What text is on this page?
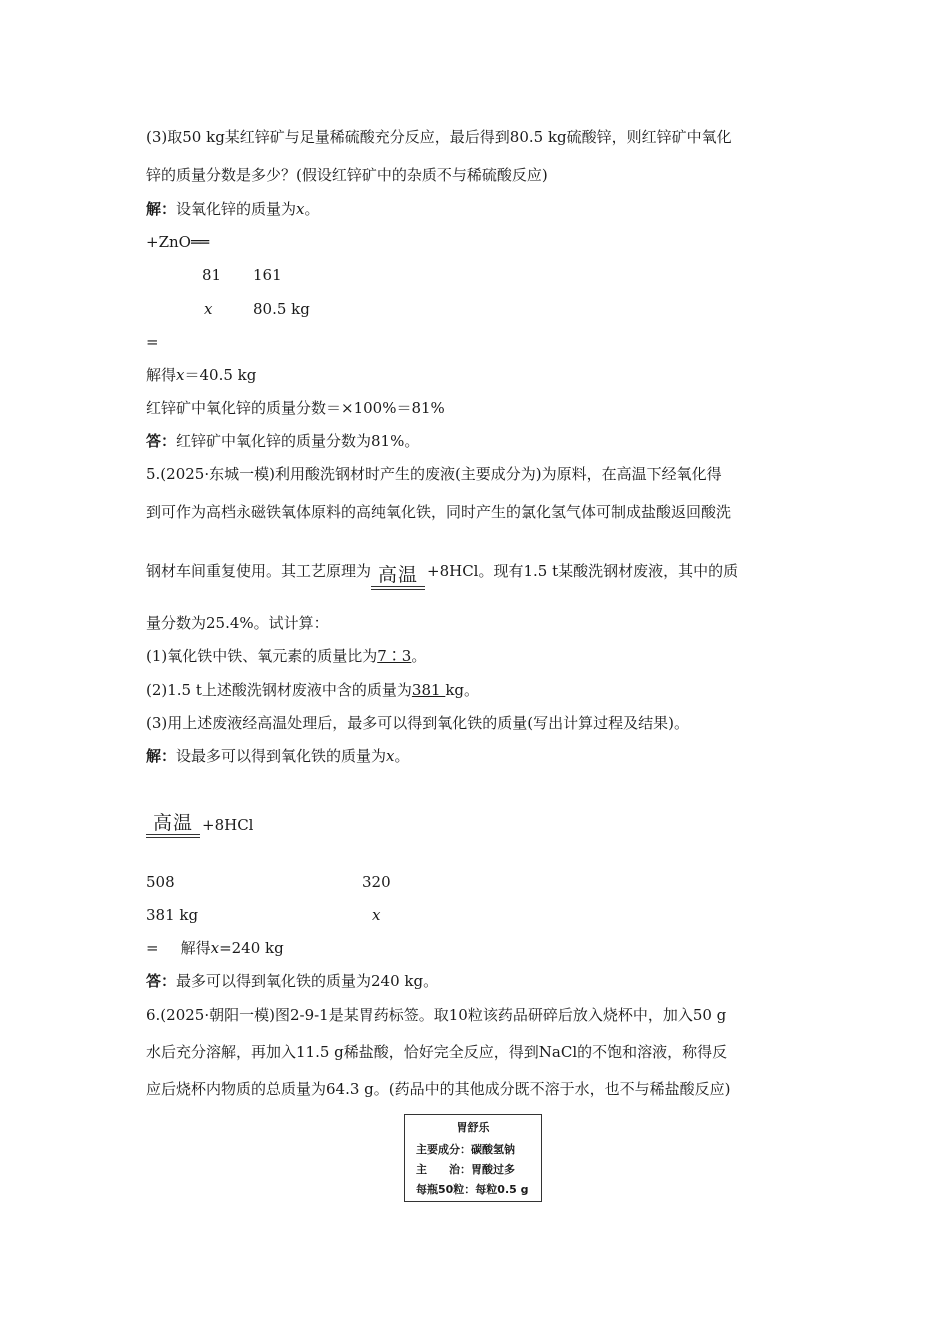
(3)取50 kg某红锌矿与足量稀硫酸充分反应，最后得到80.5 kg硫酸锌，则红锌矿中氧化
锌的质量分数是多少？(假设红锌矿中的杂质不与稀硫酸反应)
解：设氧化锌的质量为x。
+ZnO══
81 161
x	80.5 kg
=
解得x＝40.5 kg
红锌矿中氧化锌的质量分数＝×100%＝81%
答：红锌矿中氧化锌的质量分数为81%。
5.(2025·东城一模)利用酸洗钢材时产生的废液(主要成分为)为原料，在高温下经氧化得
到可作为高档永磁铁氧体原料的高纯氧化铁，同时产生的氯化氢气体可制成盐酸返回酸洗
钢材车间重复使用。其工艺原理为 高温 +8HCl。现有1.5 t某酸洗钢材废液，其中的质
量分数为25.4%。试计算：
(1)氧化铁中铁、氧元素的质量比为7∶3。
(2)1.5 t上述酸洗钢材废液中含的质量为381 kg。
(3)用上述废液经高温处理后，最多可以得到氧化铁的质量(写出计算过程及结果)。
解：设最多可以得到氧化铁的质量为x。
高温 +8HCl
508	320
381 kg	x
= 解得x=240 kg
答：最多可以得到氧化铁的质量为240 kg。
6.(2025·朝阳一模)图2-9-1是某胃药标签。取10粒该药品研碎后放入烧杯中，加入50 g
水后充分溶解，再加入11.5 g稀盐酸，恰好完全反应，得到NaCl的不饱和溶液，称得反
应后烧杯内物质的总质量为64.3 g。(药品中的其他成分既不溶于水，也不与稀盐酸反应)
胃舒乐
主要成分：碳酸氢钠
主 治：胃酸过多
每瓶50粒：每粒0.5 g
